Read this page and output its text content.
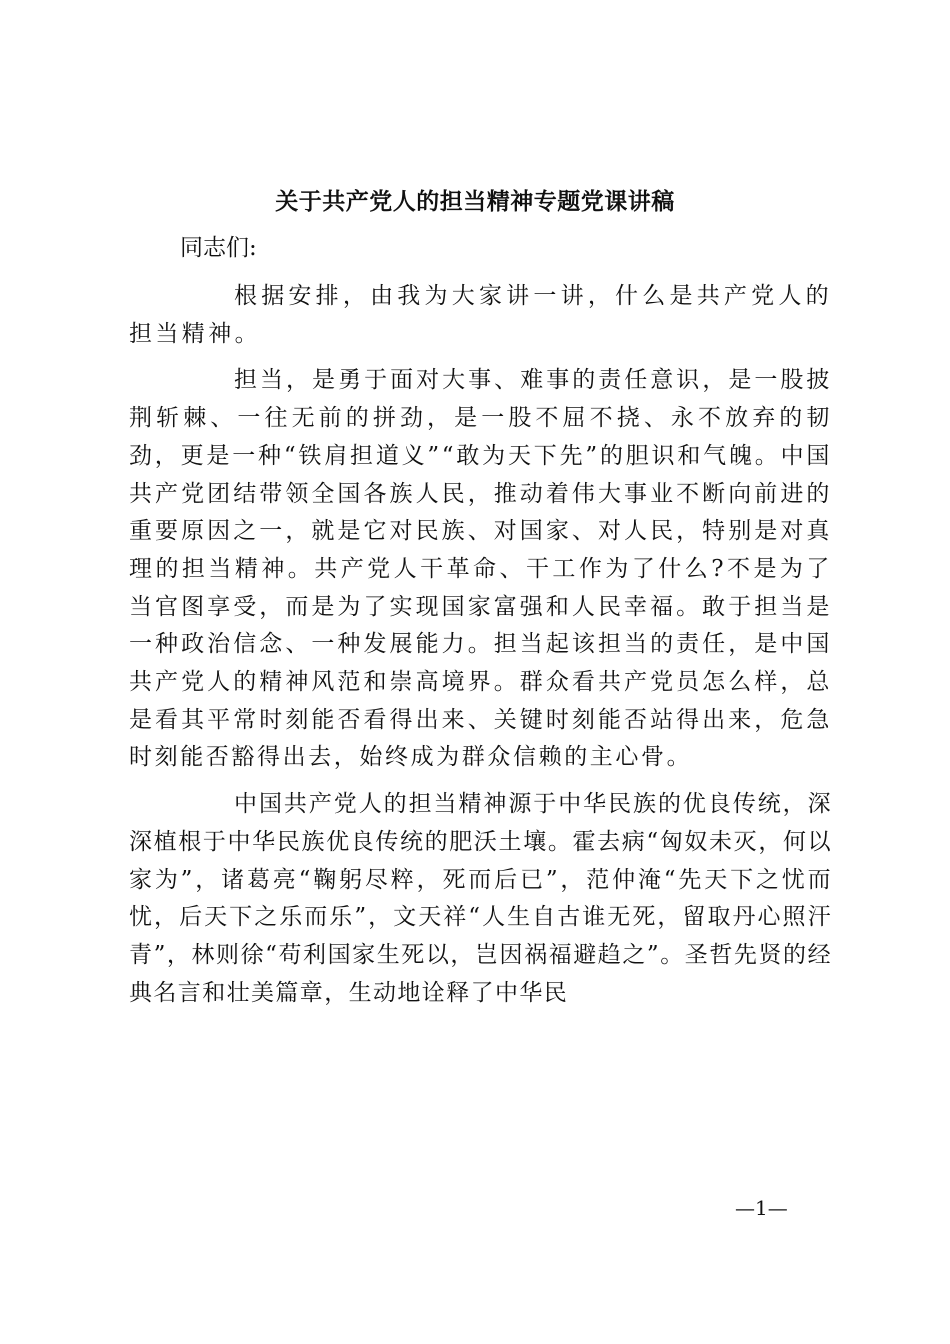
关于共产党人的担当精神专题党课讲稿
同志们:

根据安排，由我为大家讲一讲，什么是共产党人的担当精神。

担当，是勇于面对大事、难事的责任意识，是一股披荆斩棘、一往无前的拼劲，是一股不屈不挠、永不放弃的韧劲，更是一种“铁肩担道义”“敢为天下先”的胆识和气魄。中国共产党团结带领全国各族人民，推动着伟大事业不断向前进的重要原因之一，就是它对民族、对国家、对人民，特别是对真理的担当精神。共产党人干革命、干工作为了什么?不是为了当官图享受，而是为了实现国家富强和人民幸福。敢于担当是一种政治信念、一种发展能力。担当起该担当的责任，是中国共产党人的精神风范和崇高境界。群众看共产党员怎么样，总是看其平常时刻能否看得出来、关键时刻能否站得出来，危急时刻能否豁得出去，始终成为群众信赖的主心骨。

中国共产党人的担当精神源于中华民族的优良传统，深深植根于中华民族优良传统的肥沃土壤。霍去病“匈奴未灭，何以家为”，诸葛亮“鞠躬尽粹，死而后已”，范仲淹“先天下之忧而忧，后天下之乐而乐”，文天祥“人生自古谁无死，留取丹心照汗青”，林则徐“苟利国家生死以，岂因祸福避趋之”。圣哲先贤的经典名言和壮美篇章，生动地诠释了中华民

—1—
